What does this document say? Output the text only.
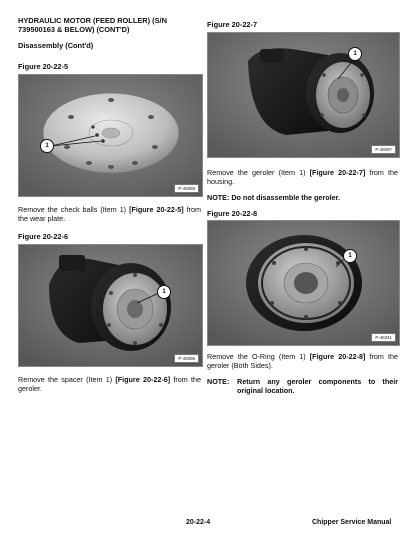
HYDRAULIC MOTOR (FEED ROLLER) (S/N
739500163 & BELOW) (CONT'D)
Disassembly (Cont'd)
Figure 20-22-5
1
P-46059
Remove the check balls (Item 1) [Figure 20-22-5] from the wear plate.
Figure 20-22-6
1
P-46096
Remove the spacer (Item 1) [Figure 20-22-6] from the geroler.
Figure 20-22-7
1
P-46097
Remove the geroler (Item 1) [Figure 20-22-7] from the housing.
NOTE: Do not disassemble the geroler.
Figure 20-22-8
1
P-46341
Remove the O-Ring (Item 1) [Figure 20-22-8] from the geroler (Both Sides).
NOTE:	Return any geroler components to their
original location.
20-22-4	Chipper Service Manual
